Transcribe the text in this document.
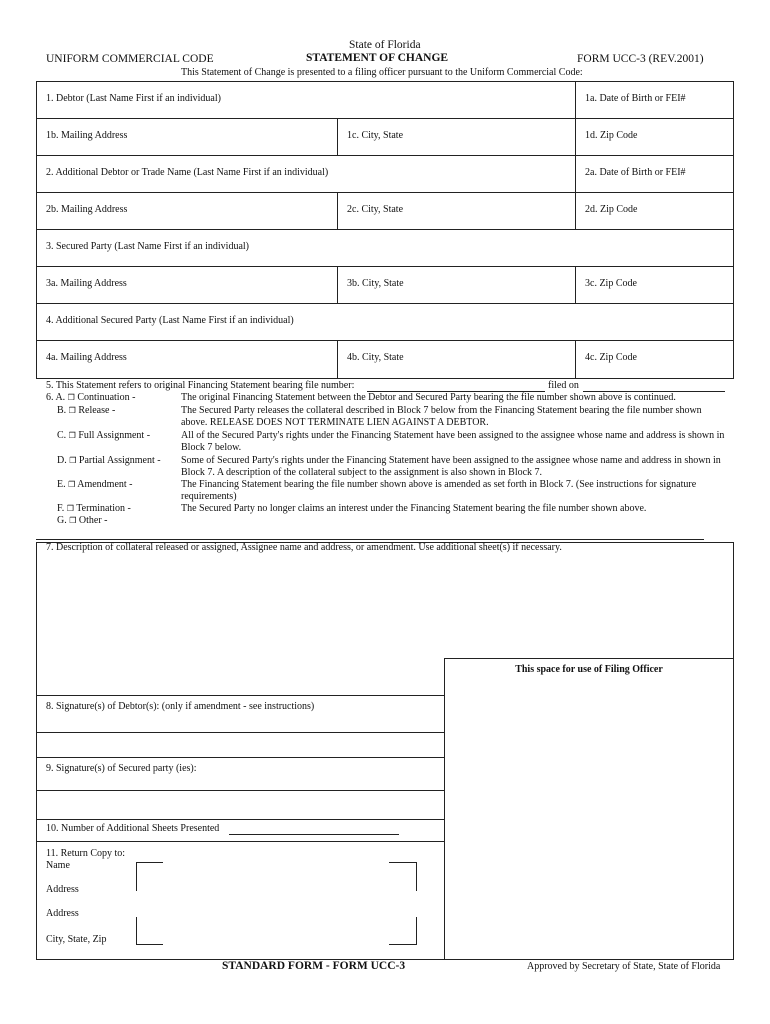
State of Florida
UNIFORM COMMERCIAL CODE	STATEMENT OF CHANGE	FORM UCC-3 (REV.2001)
This Statement of Change is presented to a filing officer pursuant to the Uniform Commercial Code:
1. Debtor (Last Name First if an individual)	1a. Date of Birth or FEI#
1b. Mailing Address	1c. City, State	1d. Zip Code
2. Additional Debtor or Trade Name (Last Name First if an individual)	2a. Date of Birth or FEI#
2b. Mailing Address	2c. City, State	2d. Zip Code
3. Secured Party (Last Name First if an individual)
3a. Mailing Address	3b. City, State	3c. Zip Code
4. Additional Secured Party (Last Name First if an individual)
4a. Mailing Address	4b. City, State	4c. Zip Code
5. This Statement refers to original Financing Statement bearing file number:	filed on
6. A. ❒ Continuation -	The original Financing Statement between the Debtor and Secured Party bearing the file number shown above is continued.
B. ❒ Release -	The Secured Party releases the collateral described in Block 7 below from the Financing Statement bearing the file number shown above. RELEASE DOES NOT TERMINATE LIEN AGAINST A DEBTOR.
C. ❒ Full Assignment -	All of the Secured Party's rights under the Financing Statement have been assigned to the assignee whose name and address is shown in Block 7 below.
D. ❒ Partial Assignment - Some of Secured Party's rights under the Financing Statement have been assigned to the assignee whose name and address in shown in Block 7. A description of the collateral subject to the assignment is also shown in Block 7.
E. ❒ Amendment -	The Financing Statement bearing the file number shown above is amended as set forth in Block 7. (See instructions for signature requirements)
F. ❒ Termination -	The Secured Party no longer claims an interest under the Financing Statement bearing the file number shown above.
G. ❒ Other -
7. Description of collateral released or assigned, Assignee name and address, or amendment. Use additional sheet(s) if necessary.
This space for use of Filing Officer
8. Signature(s) of Debtor(s): (only if amendment - see instructions)
9. Signature(s) of Secured party (ies):
10. Number of Additional Sheets Presented
11. Return Copy to:
Name
Address
Address
City, State, Zip
STANDARD FORM - FORM UCC-3	Approved by Secretary of State, State of Florida
